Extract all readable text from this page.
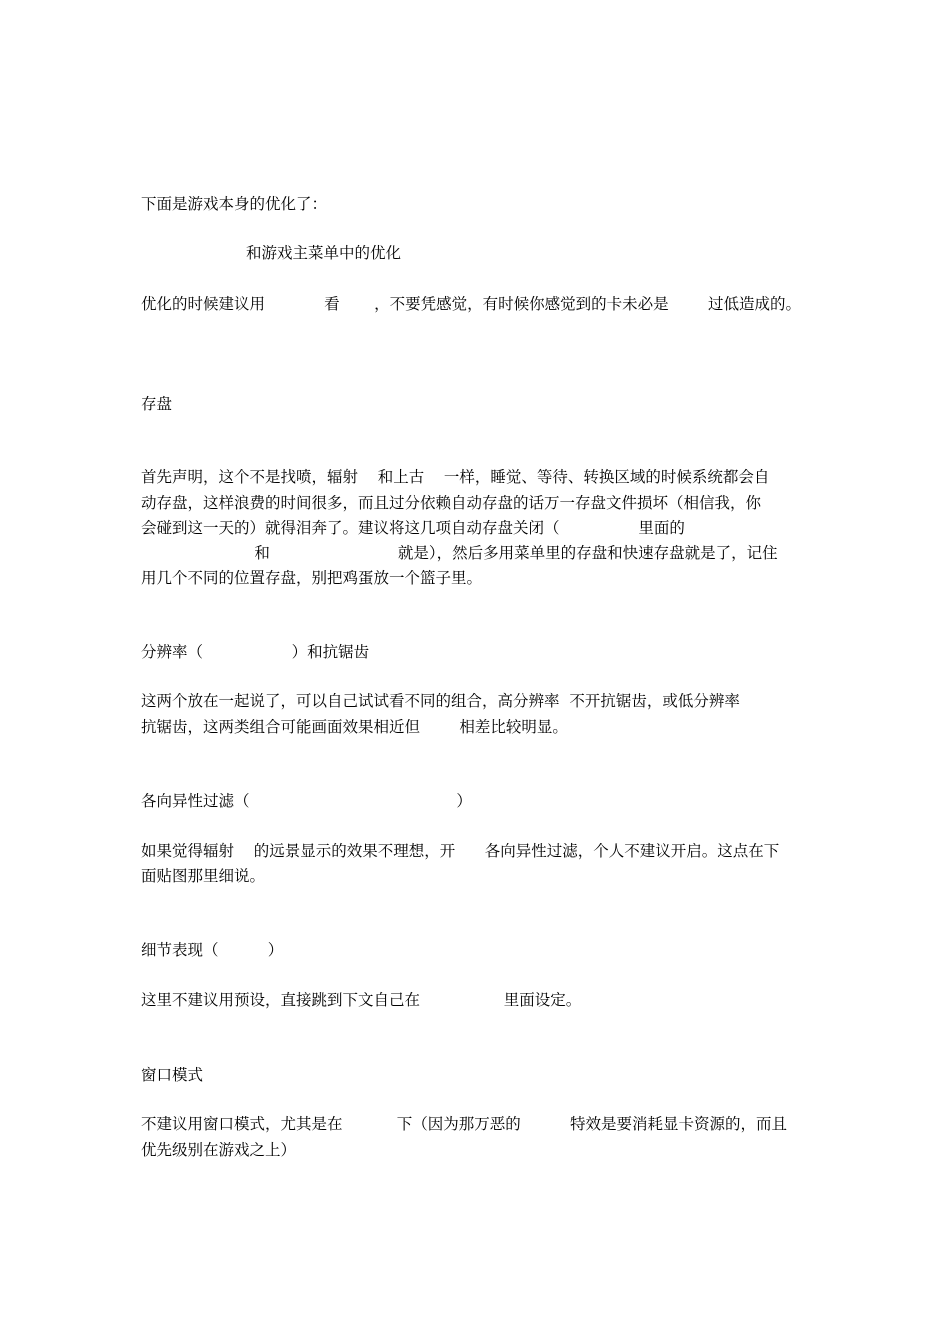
下面是游戏本身的优化了：
和游戏主菜单中的优化
优化的时候建议用            看       ，不要凭感觉，有时候你感觉到的卡未必是        过低造成的。
存盘
首先声明，这个不是找喷，辐射    和上古    一样，睡觉、等待、转换区域的时候系统都会自
动存盘，这样浪费的时间很多，而且过分依赖自动存盘的话万一存盘文件损坏（相信我，你
会碰到这一天的）就得泪奔了。建议将这几项自动存盘关闭（                里面的
和                          就是），然后多用菜单里的存盘和快速存盘就是了，记住
用几个不同的位置存盘，别把鸡蛋放一个篮子里。
分辨率（                  ）和抗锯齿
这两个放在一起说了，可以自己试试看不同的组合，高分辨率  不开抗锯齿，或低分辨率
抗锯齿，这两类组合可能画面效果相近但        相差比较明显。
各向异性过滤（                                          ）
如果觉得辐射    的远景显示的效果不理想，开      各向异性过滤，个人不建议开启。这点在下
面贴图那里细说。
细节表现（          ）
这里不建议用预设，直接跳到下文自己在                 里面设定。
窗口模式
不建议用窗口模式，尤其是在           下（因为那万恶的          特效是要消耗显卡资源的，而且
优先级别在游戏之上）
